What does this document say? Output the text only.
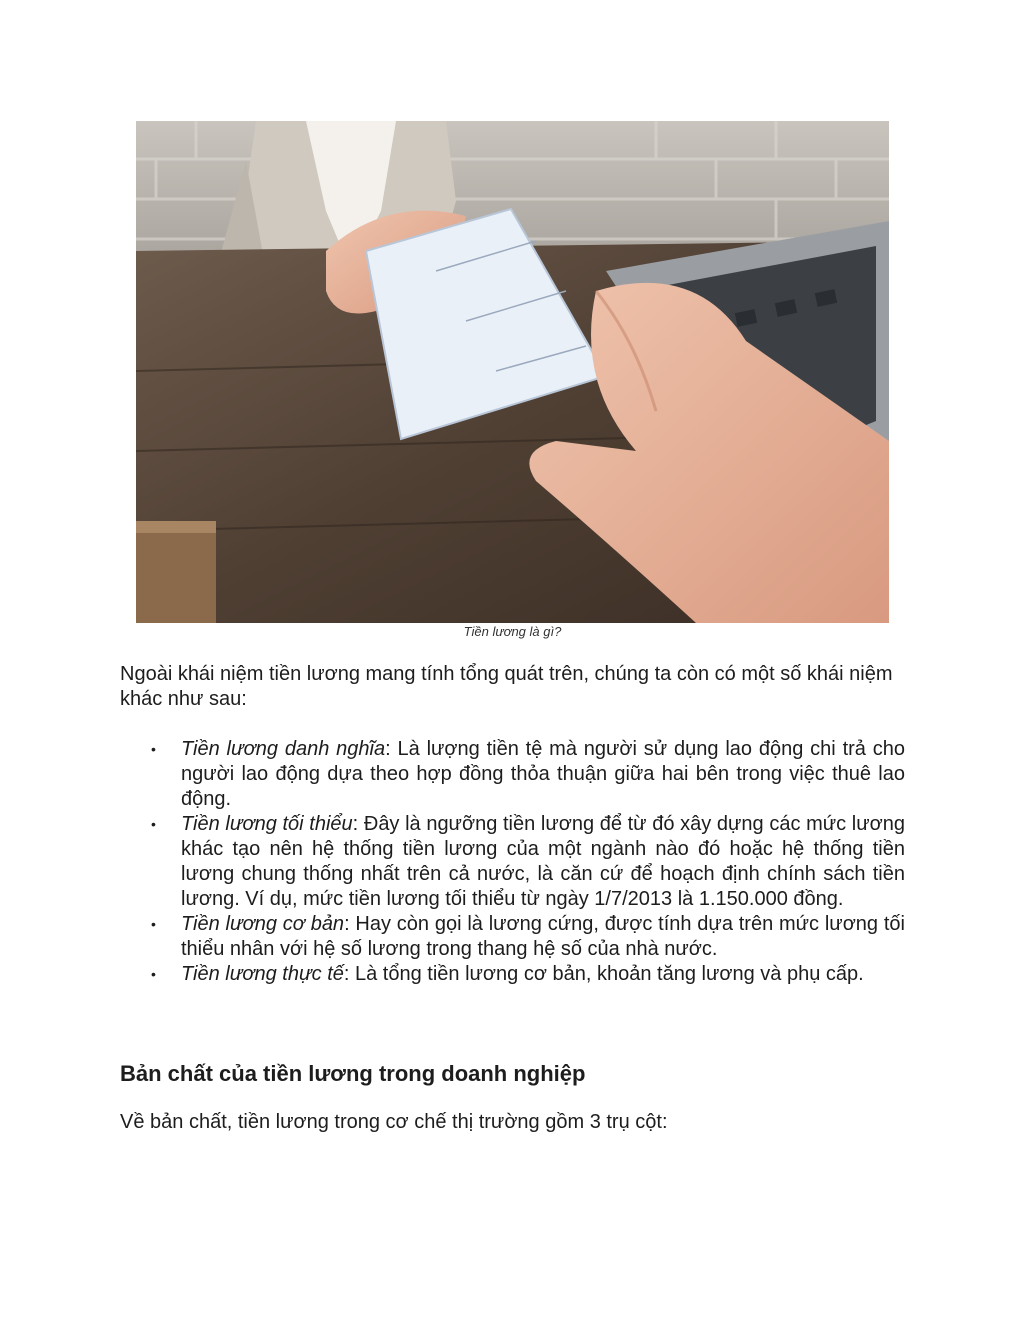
Tiền lương là gì?

Ngoài khái niệm tiền lương mang tính tổng quát trên, chúng ta còn có một số khái niệm khác như sau:

• Tiền lương danh nghĩa: Là lượng tiền tệ mà người sử dụng lao động chi trả cho người lao động dựa theo hợp đồng thỏa thuận giữa hai bên trong việc thuê lao động.
• Tiền lương tối thiểu: Đây là ngưỡng tiền lương để từ đó xây dựng các mức lương khác tạo nên hệ thống tiền lương của một ngành nào đó hoặc hệ thống tiền lương chung thống nhất trên cả nước, là căn cứ để hoạch định chính sách tiền lương. Ví dụ, mức tiền lương tối thiểu từ ngày 1/7/2013 là 1.150.000 đồng.
• Tiền lương cơ bản: Hay còn gọi là lương cứng, được tính dựa trên mức lương tối thiểu nhân với hệ số lương trong thang hệ số của nhà nước.
• Tiền lương thực tế: Là tổng tiền lương cơ bản, khoản tăng lương và phụ cấp.
Bản chất của tiền lương trong doanh nghiệp

Về bản chất, tiền lương trong cơ chế thị trường gồm 3 trụ cột:
